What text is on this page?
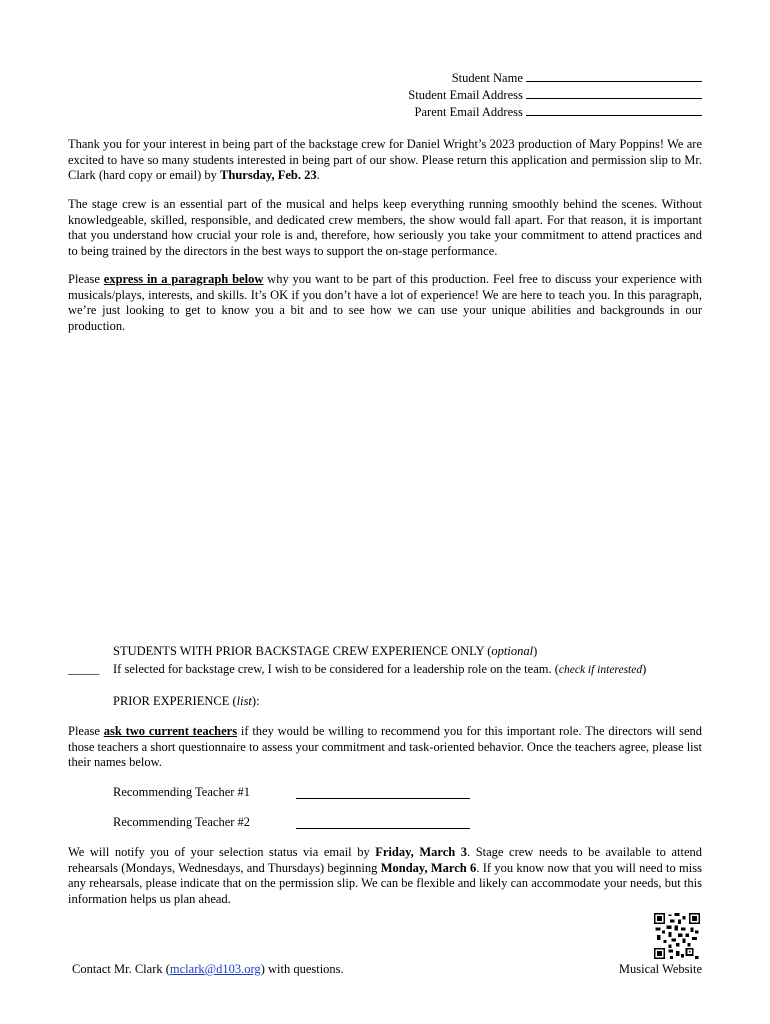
Student Name
Student Email Address
Parent Email Address
Thank you for your interest in being part of the backstage crew for Daniel Wright’s 2023 production of Mary Poppins! We are excited to have so many students interested in being part of our show. Please return this application and permission slip to Mr. Clark (hard copy or email) by Thursday, Feb. 23.
The stage crew is an essential part of the musical and helps keep everything running smoothly behind the scenes. Without knowledgeable, skilled, responsible, and dedicated crew members, the show would fall apart. For that reason, it is important that you understand how crucial your role is and, therefore, how seriously you take your commitment to attend practices and to being trained by the directors in the best ways to support the on-stage performance.
Please express in a paragraph below why you want to be part of this production. Feel free to discuss your experience with musicals/plays, interests, and skills. It’s OK if you don’t have a lot of experience! We are here to teach you. In this paragraph, we’re just looking to get to know you a bit and to see how we can use your unique abilities and backgrounds in our production.
STUDENTS WITH PRIOR BACKSTAGE CREW EXPERIENCE ONLY (optional)
_____ If selected for backstage crew, I wish to be considered for a leadership role on the team. (check if interested)
PRIOR EXPERIENCE (list):
Please ask two current teachers if they would be willing to recommend you for this important role. The directors will send those teachers a short questionnaire to assess your commitment and task-oriented behavior. Once the teachers agree, please list their names below.
Recommending Teacher #1
Recommending Teacher #2
We will notify you of your selection status via email by Friday, March 3. Stage crew needs to be available to attend rehearsals (Mondays, Wednesdays, and Thursdays) beginning Monday, March 6. If you know now that you will need to miss any rehearsals, please indicate that on the permission slip. We can be flexible and likely can accommodate your needs, but this information helps us plan ahead.
Contact Mr. Clark (mclark@d103.org) with questions.	Musical Website
